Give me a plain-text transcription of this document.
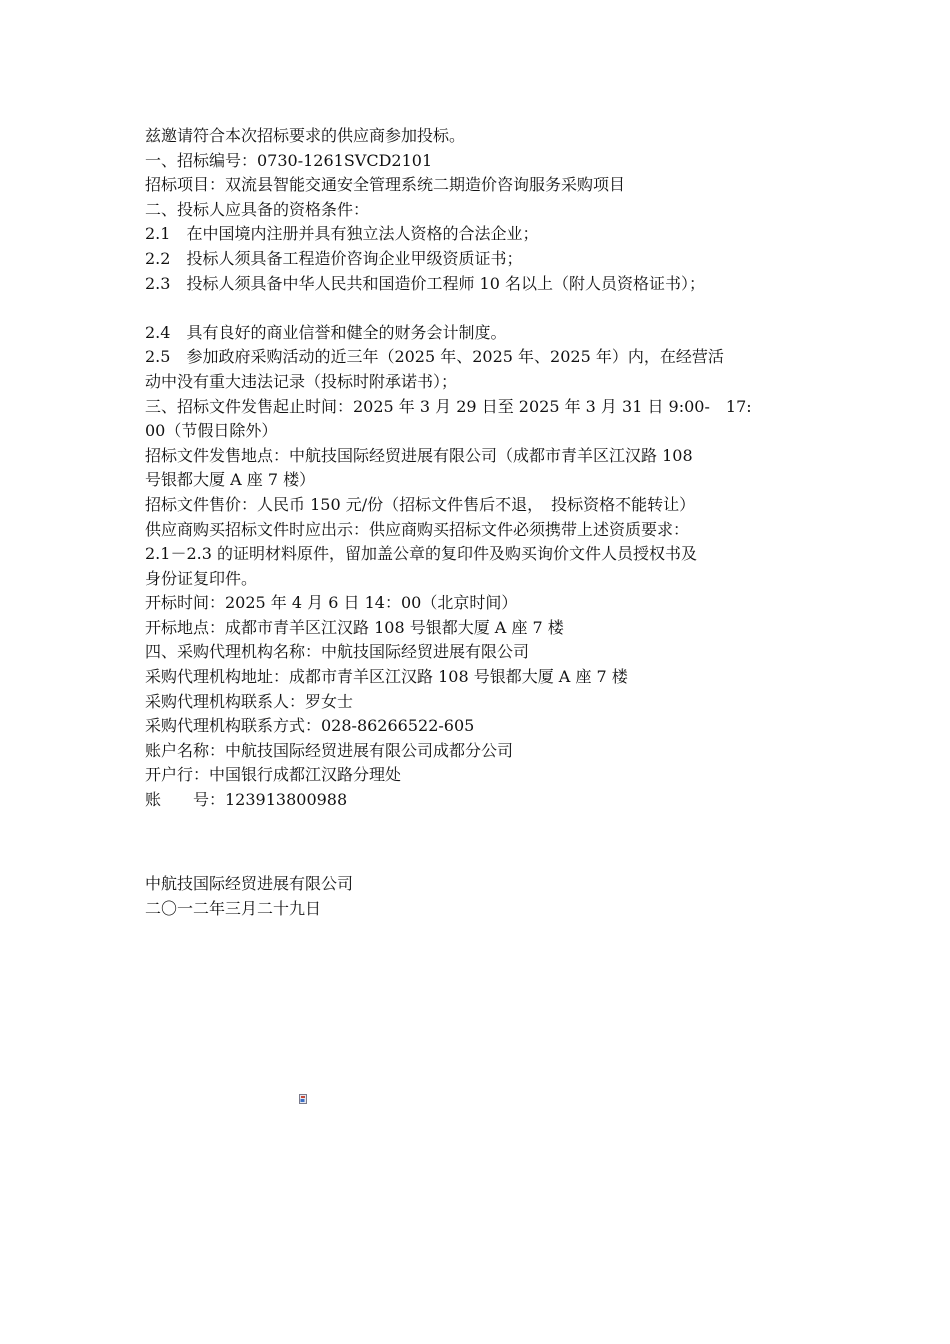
兹邀请符合本次招标要求的供应商参加投标。

一、招标编号：0730-1261SVCD2101

招标项目：双流县智能交通安全管理系统二期造价咨询服务采购项目

二、投标人应具备的资格条件：

2.1　在中国境内注册并具有独立法人资格的合法企业；

2.2　投标人须具备工程造价咨询企业甲级资质证书；

2.3　投标人须具备中华人民共和国造价工程师 10 名以上（附人员资格证书）；

2.4　具有良好的商业信誉和健全的财务会计制度。

2.5　参加政府采购活动的近三年（2025 年、2025 年、2025 年）内，在经营活

动中没有重大违法记录（投标时附承诺书）；

三、招标文件发售起止时间：2025 年 3 月 29 日至 2025 年 3 月 31 日 9:00-　17:

00（节假日除外）

招标文件发售地点：中航技国际经贸进展有限公司（成都市青羊区江汉路 108

号银都大厦 A 座 7 楼）

招标文件售价：人民币 150 元/份（招标文件售后不退，　投标资格不能转让）

供应商购买招标文件时应出示：供应商购买招标文件必须携带上述资质要求：

2.1－2.3 的证明材料原件，留加盖公章的复印件及购买询价文件人员授权书及

身份证复印件。

开标时间：2025 年 4 月 6 日 14：00（北京时间）

开标地点：成都市青羊区江汉路 108 号银都大厦 A 座 7 楼

四、采购代理机构名称：中航技国际经贸进展有限公司

采购代理机构地址：成都市青羊区江汉路 108 号银都大厦 A 座 7 楼

采购代理机构联系人：罗女士

采购代理机构联系方式：028-86266522-605

账户名称：中航技国际经贸进展有限公司成都分公司

开户行：中国银行成都江汉路分理处

账　　号：123913800988

中航技国际经贸进展有限公司

二〇一二年三月二十九日
